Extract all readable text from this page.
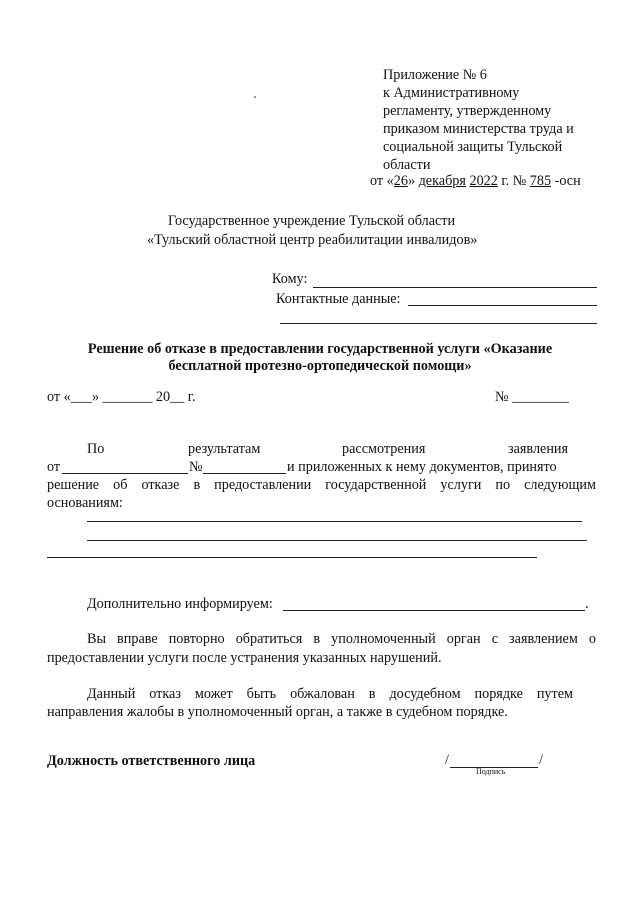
Приложение № 6
к Административному
регламенту, утвержденному
приказом министерства труда и
социальной защиты Тульской
области
от «26» декабря 2022 г. № 785 -осн
Государственное учреждение Тульской области
«Тульский областной центр реабилитации инвалидов»
Кому:
Контактные данные:
Решение об отказе в предоставлении государственной услуги «Оказание
бесплатной протезно-ортопедической помощи»
от «___» _______ 20__ г.	№ ________
По	результатам	рассмотрения	заявления
от	№	и приложенных к нему документов, принято
решение об отказе в предоставлении государственной услуги по следующим
основаниям:
Дополнительно информируем:	.
Вы вправе повторно обратиться в уполномоченный орган с заявлением о
предоставлении услуги после устранения указанных нарушений.
Данный отказ может быть обжалован в досудебном порядке путем
направления жалобы в уполномоченный орган, а также в судебном порядке.
Должность ответственного лица	/	/
Подпись
